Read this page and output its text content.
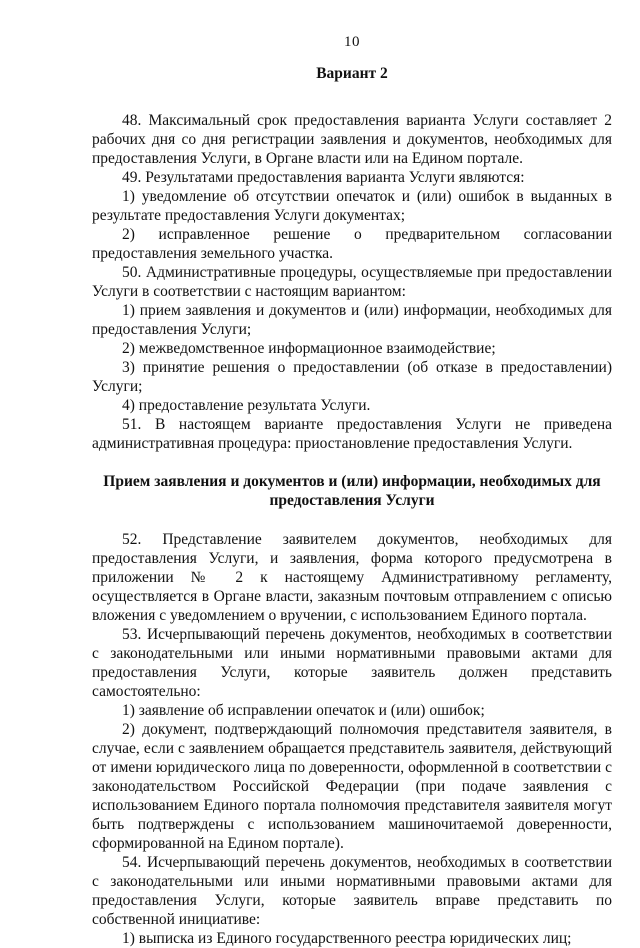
10
Вариант 2
48. Максимальный срок предоставления варианта Услуги составляет 2 рабочих дня со дня регистрации заявления и документов, необходимых для предоставления Услуги, в Органе власти или на Едином портале.
49. Результатами предоставления варианта Услуги являются:
1) уведомление об отсутствии опечаток и (или) ошибок в выданных в результате предоставления Услуги документах;
2) исправленное решение о предварительном согласовании предоставления земельного участка.
50. Административные процедуры, осуществляемые при предоставлении Услуги в соответствии с настоящим вариантом:
1) прием заявления и документов и (или) информации, необходимых для предоставления Услуги;
2) межведомственное информационное взаимодействие;
3) принятие решения о предоставлении (об отказе в предоставлении) Услуги;
4) предоставление результата Услуги.
51. В настоящем варианте предоставления Услуги не приведена административная процедура: приостановление предоставления Услуги.
Прием заявления и документов и (или) информации, необходимых для предоставления Услуги
52. Представление заявителем документов, необходимых для предоставления Услуги, и заявления, форма которого предусмотрена в приложении № 2 к настоящему Административному регламенту, осуществляется в Органе власти, заказным почтовым отправлением с описью вложения с уведомлением о вручении, с использованием Единого портала.
53. Исчерпывающий перечень документов, необходимых в соответствии с законодательными или иными нормативными правовыми актами для предоставления Услуги, которые заявитель должен представить самостоятельно:
1) заявление об исправлении опечаток и (или) ошибок;
2) документ, подтверждающий полномочия представителя заявителя, в случае, если с заявлением обращается представитель заявителя, действующий от имени юридического лица по доверенности, оформленной в соответствии с законодательством Российской Федерации (при подаче заявления с использованием Единого портала полномочия представителя заявителя могут быть подтверждены с использованием машиночитаемой доверенности, сформированной на Едином портале).
54. Исчерпывающий перечень документов, необходимых в соответствии с законодательными или иными нормативными правовыми актами для предоставления Услуги, которые заявитель вправе представить по собственной инициативе:
1) выписка из Единого государственного реестра юридических лиц;
